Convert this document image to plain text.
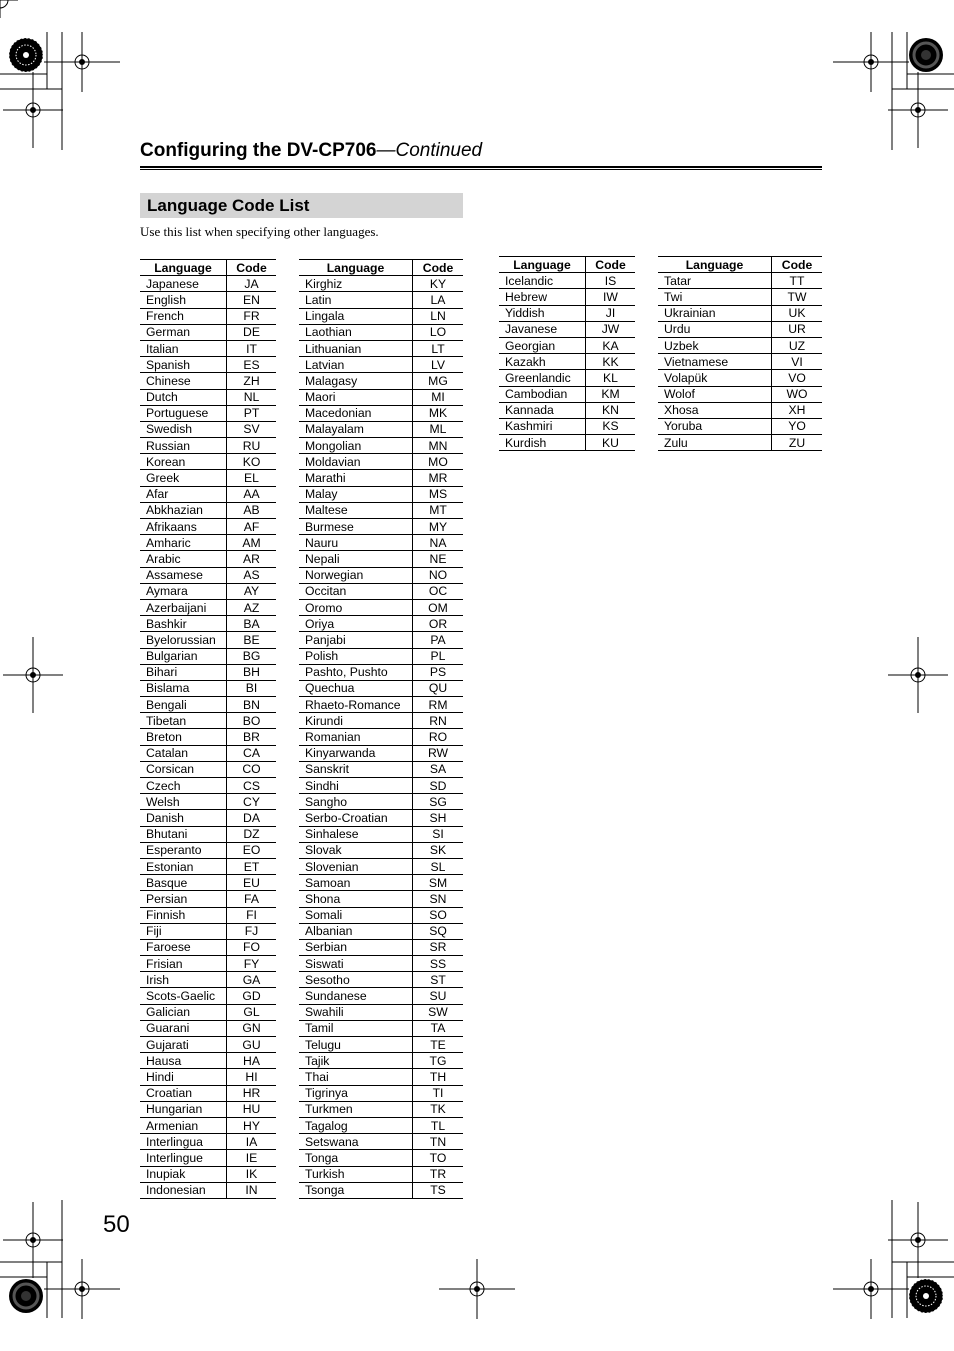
Configuring the DV-CP706—Continued
Language Code List
Use this list when specifying other languages.
Language	Code
Japanese	JA
English	EN
French	FR
German	DE
Italian	IT
Spanish	ES
Chinese	ZH
Dutch	NL
Portuguese	PT
Swedish	SV
Russian	RU
Korean	KO
Greek	EL
Afar	AA
Abkhazian	AB
Afrikaans	AF
Amharic	AM
Arabic	AR
Assamese	AS
Aymara	AY
Azerbaijani	AZ
Bashkir	BA
Byelorussian	BE
Bulgarian	BG
Bihari	BH
Bislama	BI
Bengali	BN
Tibetan	BO
Breton	BR
Catalan	CA
Corsican	CO
Czech	CS
Welsh	CY
Danish	DA
Bhutani	DZ
Esperanto	EO
Estonian	ET
Basque	EU
Persian	FA
Finnish	FI
Fiji	FJ
Faroese	FO
Frisian	FY
Irish	GA
Scots-Gaelic	GD
Galician	GL
Guarani	GN
Gujarati	GU
Hausa	HA
Hindi	HI
Croatian	HR
Hungarian	HU
Armenian	HY
Interlingua	IA
Interlingue	IE
Inupiak	IK
Indonesian	IN
Language	Code
Kirghiz	KY
Latin	LA
Lingala	LN
Laothian	LO
Lithuanian	LT
Latvian	LV
Malagasy	MG
Maori	MI
Macedonian	MK
Malayalam	ML
Mongolian	MN
Moldavian	MO
Marathi	MR
Malay	MS
Maltese	MT
Burmese	MY
Nauru	NA
Nepali	NE
Norwegian	NO
Occitan	OC
Oromo	OM
Oriya	OR
Panjabi	PA
Polish	PL
Pashto, Pushto	PS
Quechua	QU
Rhaeto-Romance	RM
Kirundi	RN
Romanian	RO
Kinyarwanda	RW
Sanskrit	SA
Sindhi	SD
Sangho	SG
Serbo-Croatian	SH
Sinhalese	SI
Slovak	SK
Slovenian	SL
Samoan	SM
Shona	SN
Somali	SO
Albanian	SQ
Serbian	SR
Siswati	SS
Sesotho	ST
Sundanese	SU
Swahili	SW
Tamil	TA
Telugu	TE
Tajik	TG
Thai	TH
Tigrinya	TI
Turkmen	TK
Tagalog	TL
Setswana	TN
Tonga	TO
Turkish	TR
Tsonga	TS
Language	Code
Icelandic	IS
Hebrew	IW
Yiddish	JI
Javanese	JW
Georgian	KA
Kazakh	KK
Greenlandic	KL
Cambodian	KM
Kannada	KN
Kashmiri	KS
Kurdish	KU
Language	Code
Tatar	TT
Twi	TW
Ukrainian	UK
Urdu	UR
Uzbek	UZ
Vietnamese	VI
Volapük	VO
Wolof	WO
Xhosa	XH
Yoruba	YO
Zulu	ZU
50
